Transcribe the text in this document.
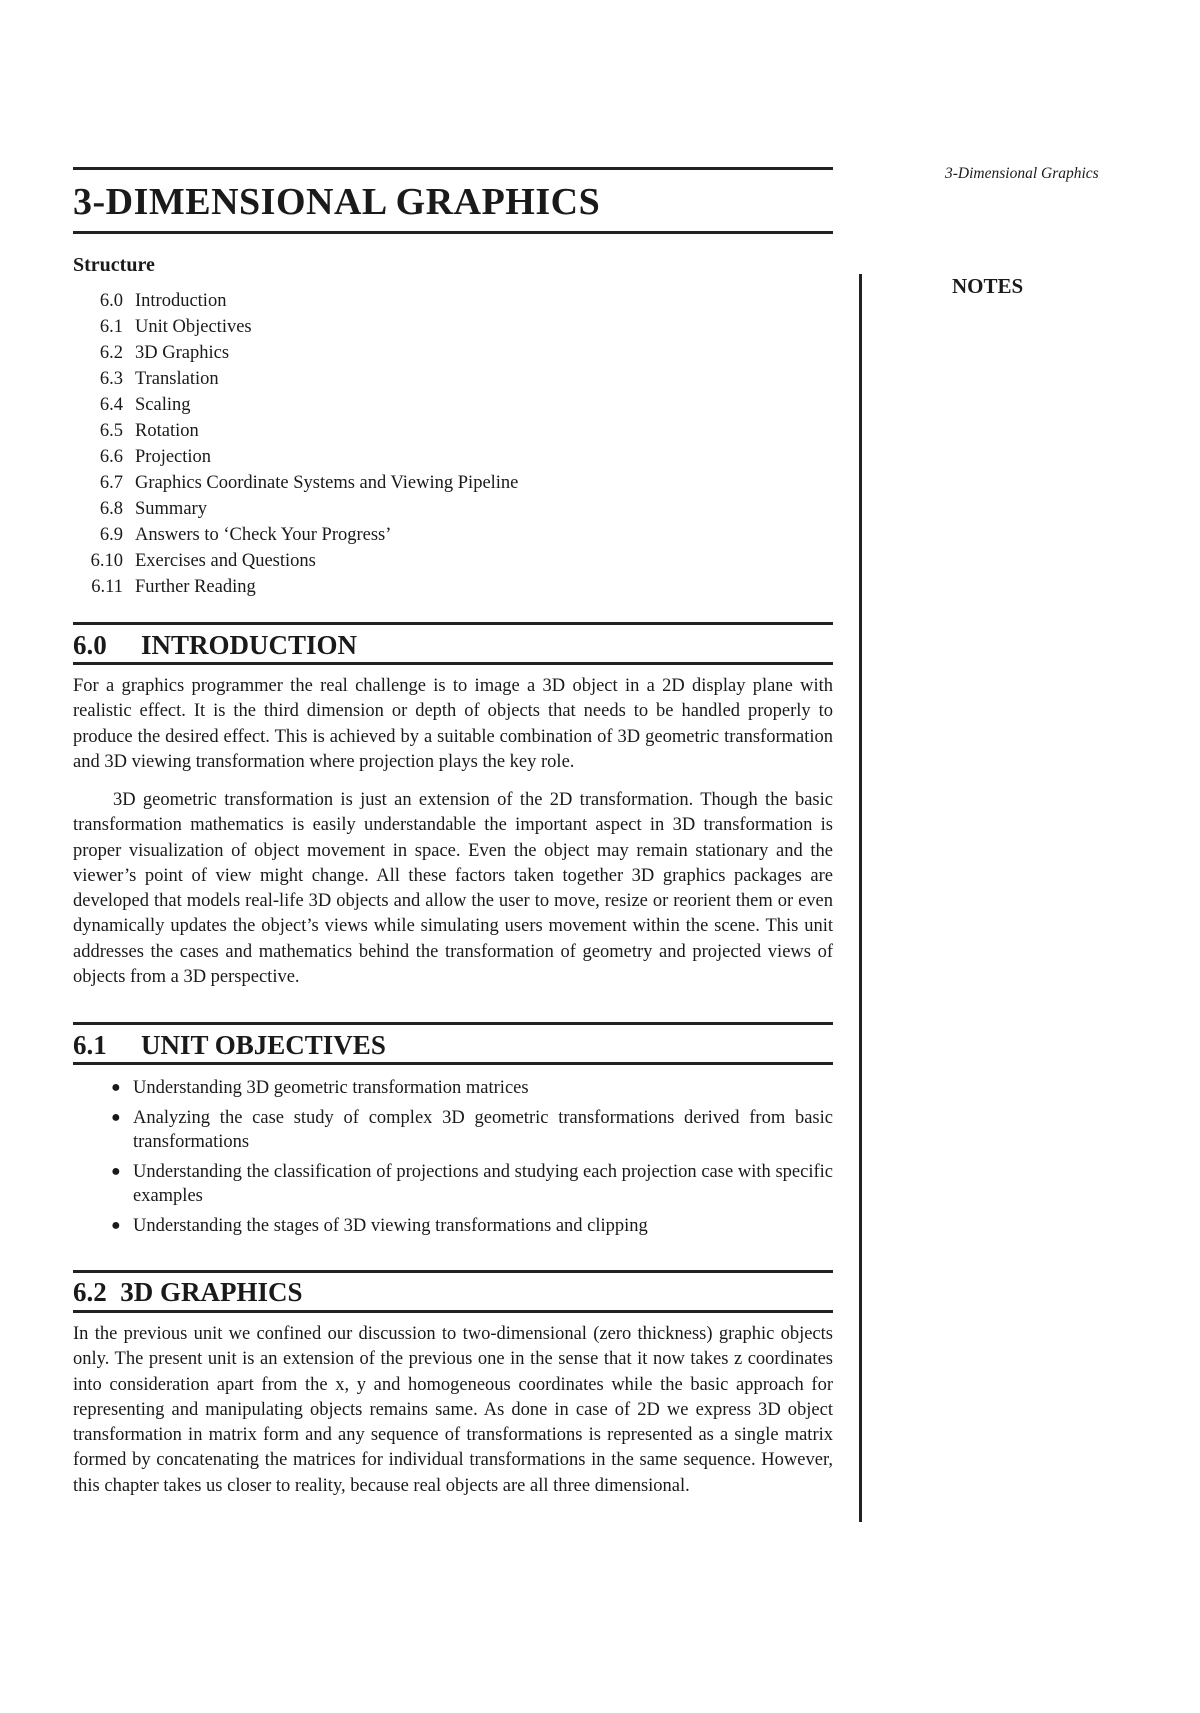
3-Dimensional Graphics
NOTES
3-DIMENSIONAL GRAPHICS
Structure
6.0 Introduction
6.1 Unit Objectives
6.2 3D Graphics
6.3 Translation
6.4 Scaling
6.5 Rotation
6.6 Projection
6.7 Graphics Coordinate Systems and Viewing Pipeline
6.8 Summary
6.9 Answers to ‘Check Your Progress’
6.10 Exercises and Questions
6.11 Further Reading
6.0 INTRODUCTION

For a graphics programmer the real challenge is to image a 3D object in a 2D display plane with realistic effect. It is the third dimension or depth of objects that needs to be handled properly to produce the desired effect. This is achieved by a suitable combination of 3D geometric transformation and 3D viewing transformation where projection plays the key role.

3D geometric transformation is just an extension of the 2D transformation. Though the basic transformation mathematics is easily understandable the important aspect in 3D transformation is proper visualization of object movement in space. Even the object may remain stationary and the viewer’s point of view might change. All these factors taken together 3D graphics packages are developed that models real-life 3D objects and allow the user to move, resize or reorient them or even dynamically updates the object’s views while simulating users movement within the scene. This unit addresses the cases and mathematics behind the transformation of geometry and projected views of objects from a 3D perspective.

6.1 UNIT OBJECTIVES
● Understanding 3D geometric transformation matrices
● Analyzing the case study of complex 3D geometric transformations derived from basic transformations
● Understanding the classification of projections and studying each projection case with specific examples
● Understanding the stages of 3D viewing transformations and clipping
6.2 3D GRAPHICS

In the previous unit we confined our discussion to two-dimensional (zero thickness) graphic objects only. The present unit is an extension of the previous one in the sense that it now takes z coordinates into consideration apart from the x, y and homogeneous coordinates while the basic approach for representing and manipulating objects remains same. As done in case of 2D we express 3D object transformation in matrix form and any sequence of transformations is represented as a single matrix formed by concatenating the matrices for individual transformations in the same sequence. However, this chapter takes us closer to reality, because real objects are all three dimensional.
